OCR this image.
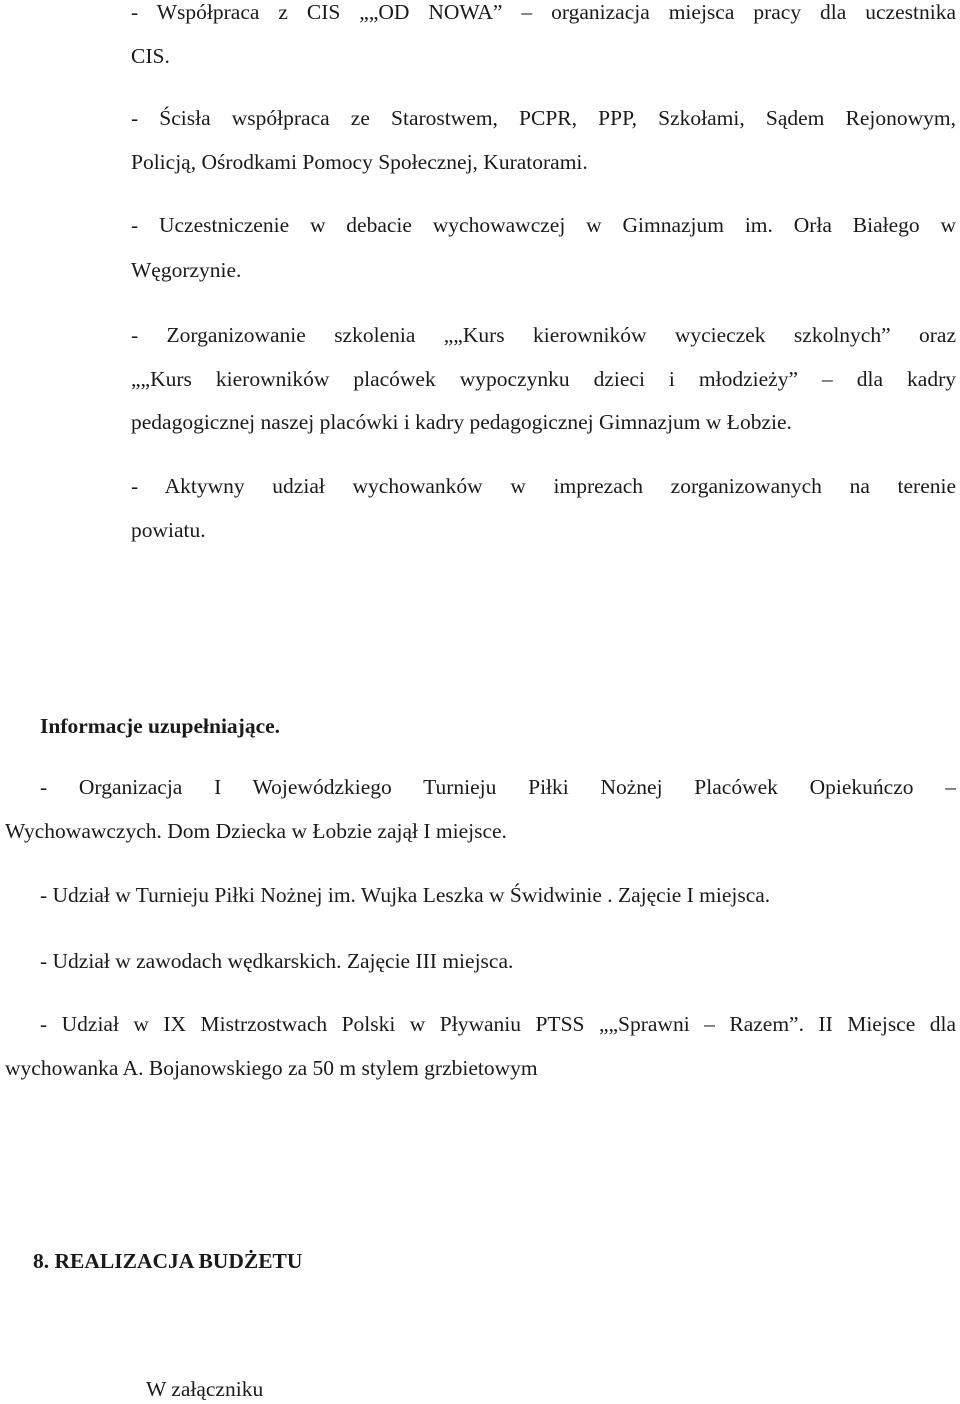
- Współpraca z CIS „„OD NOWA” – organizacja miejsca pracy dla uczestnika
CIS.
- Ścisła współpraca ze Starostwem, PCPR, PPP, Szkołami, Sądem Rejonowym,
Policją, Ośrodkami Pomocy Społecznej, Kuratorami.
- Uczestniczenie w debacie wychowawczej w Gimnazjum im. Orła Białego w
Węgorzynie.
- Zorganizowanie szkolenia „„Kurs kierowników wycieczek szkolnych” oraz
„„Kurs kierowników placówek wypoczynku dzieci i młodzieży” – dla kadry
pedagogicznej naszej placówki i kadry pedagogicznej Gimnazjum w Łobzie.
- Aktywny udział wychowanków w imprezach zorganizowanych na terenie
powiatu.
Informacje uzupełniające.
- Organizacja I Wojewódzkiego Turnieju Piłki Nożnej Placówek Opiekuńczo –
Wychowawczych. Dom Dziecka w Łobzie zajął I miejsce.
- Udział w Turnieju Piłki Nożnej im. Wujka Leszka w Świdwinie . Zajęcie I miejsca.
- Udział w zawodach wędkarskich. Zajęcie III miejsca.
- Udział w IX Mistrzostwach Polski w Pływaniu PTSS „„Sprawni – Razem”. II Miejsce dla
wychowanka A. Bojanowskiego za 50 m stylem grzbietowym
8. REALIZACJA BUDŻETU
W załączniku
